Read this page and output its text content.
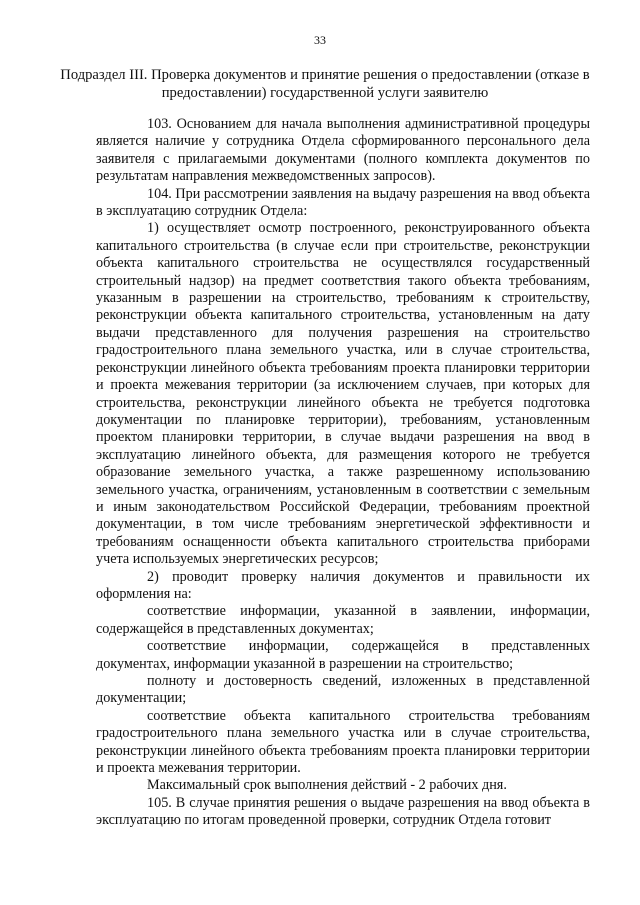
33
Подраздел III. Проверка документов и принятие решения о предоставлении (отказе в предоставлении) государственной услуги заявителю

103. Основанием для начала выполнения административной процедуры является наличие у сотрудника Отдела сформированного персонального дела заявителя с прилагаемыми документами (полного комплекта документов по результатам направления межведомственных запросов).

104. При рассмотрении заявления на выдачу разрешения на ввод объекта в эксплуатацию сотрудник Отдела:

1) осуществляет осмотр построенного, реконструированного объекта капитального строительства (в случае если при строительстве, реконструкции объекта капитального строительства не осуществлялся государственный строительный надзор) на предмет соответствия такого объекта требованиям, указанным в разрешении на строительство, требованиям к строительству, реконструкции объекта капитального строительства, установленным на дату выдачи представленного для получения разрешения на строительство градостроительного плана земельного участка, или в случае строительства, реконструкции линейного объекта требованиям проекта планировки территории и проекта межевания территории (за исключением случаев, при которых для строительства, реконструкции линейного объекта не требуется подготовка документации по планировке территории), требованиям, установленным проектом планировки территории, в случае выдачи разрешения на ввод в эксплуатацию линейного объекта, для размещения которого не требуется образование земельного участка, а также разрешенному использованию земельного участка, ограничениям, установленным в соответствии с земельным и иным законодательством Российской Федерации, требованиям проектной документации, в том числе требованиям энергетической эффективности и требованиям оснащенности объекта капитального строительства приборами учета используемых энергетических ресурсов;

2) проводит проверку наличия документов и правильности их оформления на:

соответствие информации, указанной в заявлении, информации, содержащейся в представленных документах;

соответствие информации, содержащейся в представленных документах, информации указанной в разрешении на строительство;

полноту и достоверность сведений, изложенных в представленной документации;

соответствие объекта капитального строительства требованиям градостроительного плана земельного участка или в случае строительства, реконструкции линейного объекта требованиям проекта планировки территории и проекта межевания территории.

Максимальный срок выполнения действий - 2 рабочих дня.

105. В случае принятия решения о выдаче разрешения на ввод объекта в эксплуатацию по итогам проведенной проверки, сотрудник Отдела готовит
